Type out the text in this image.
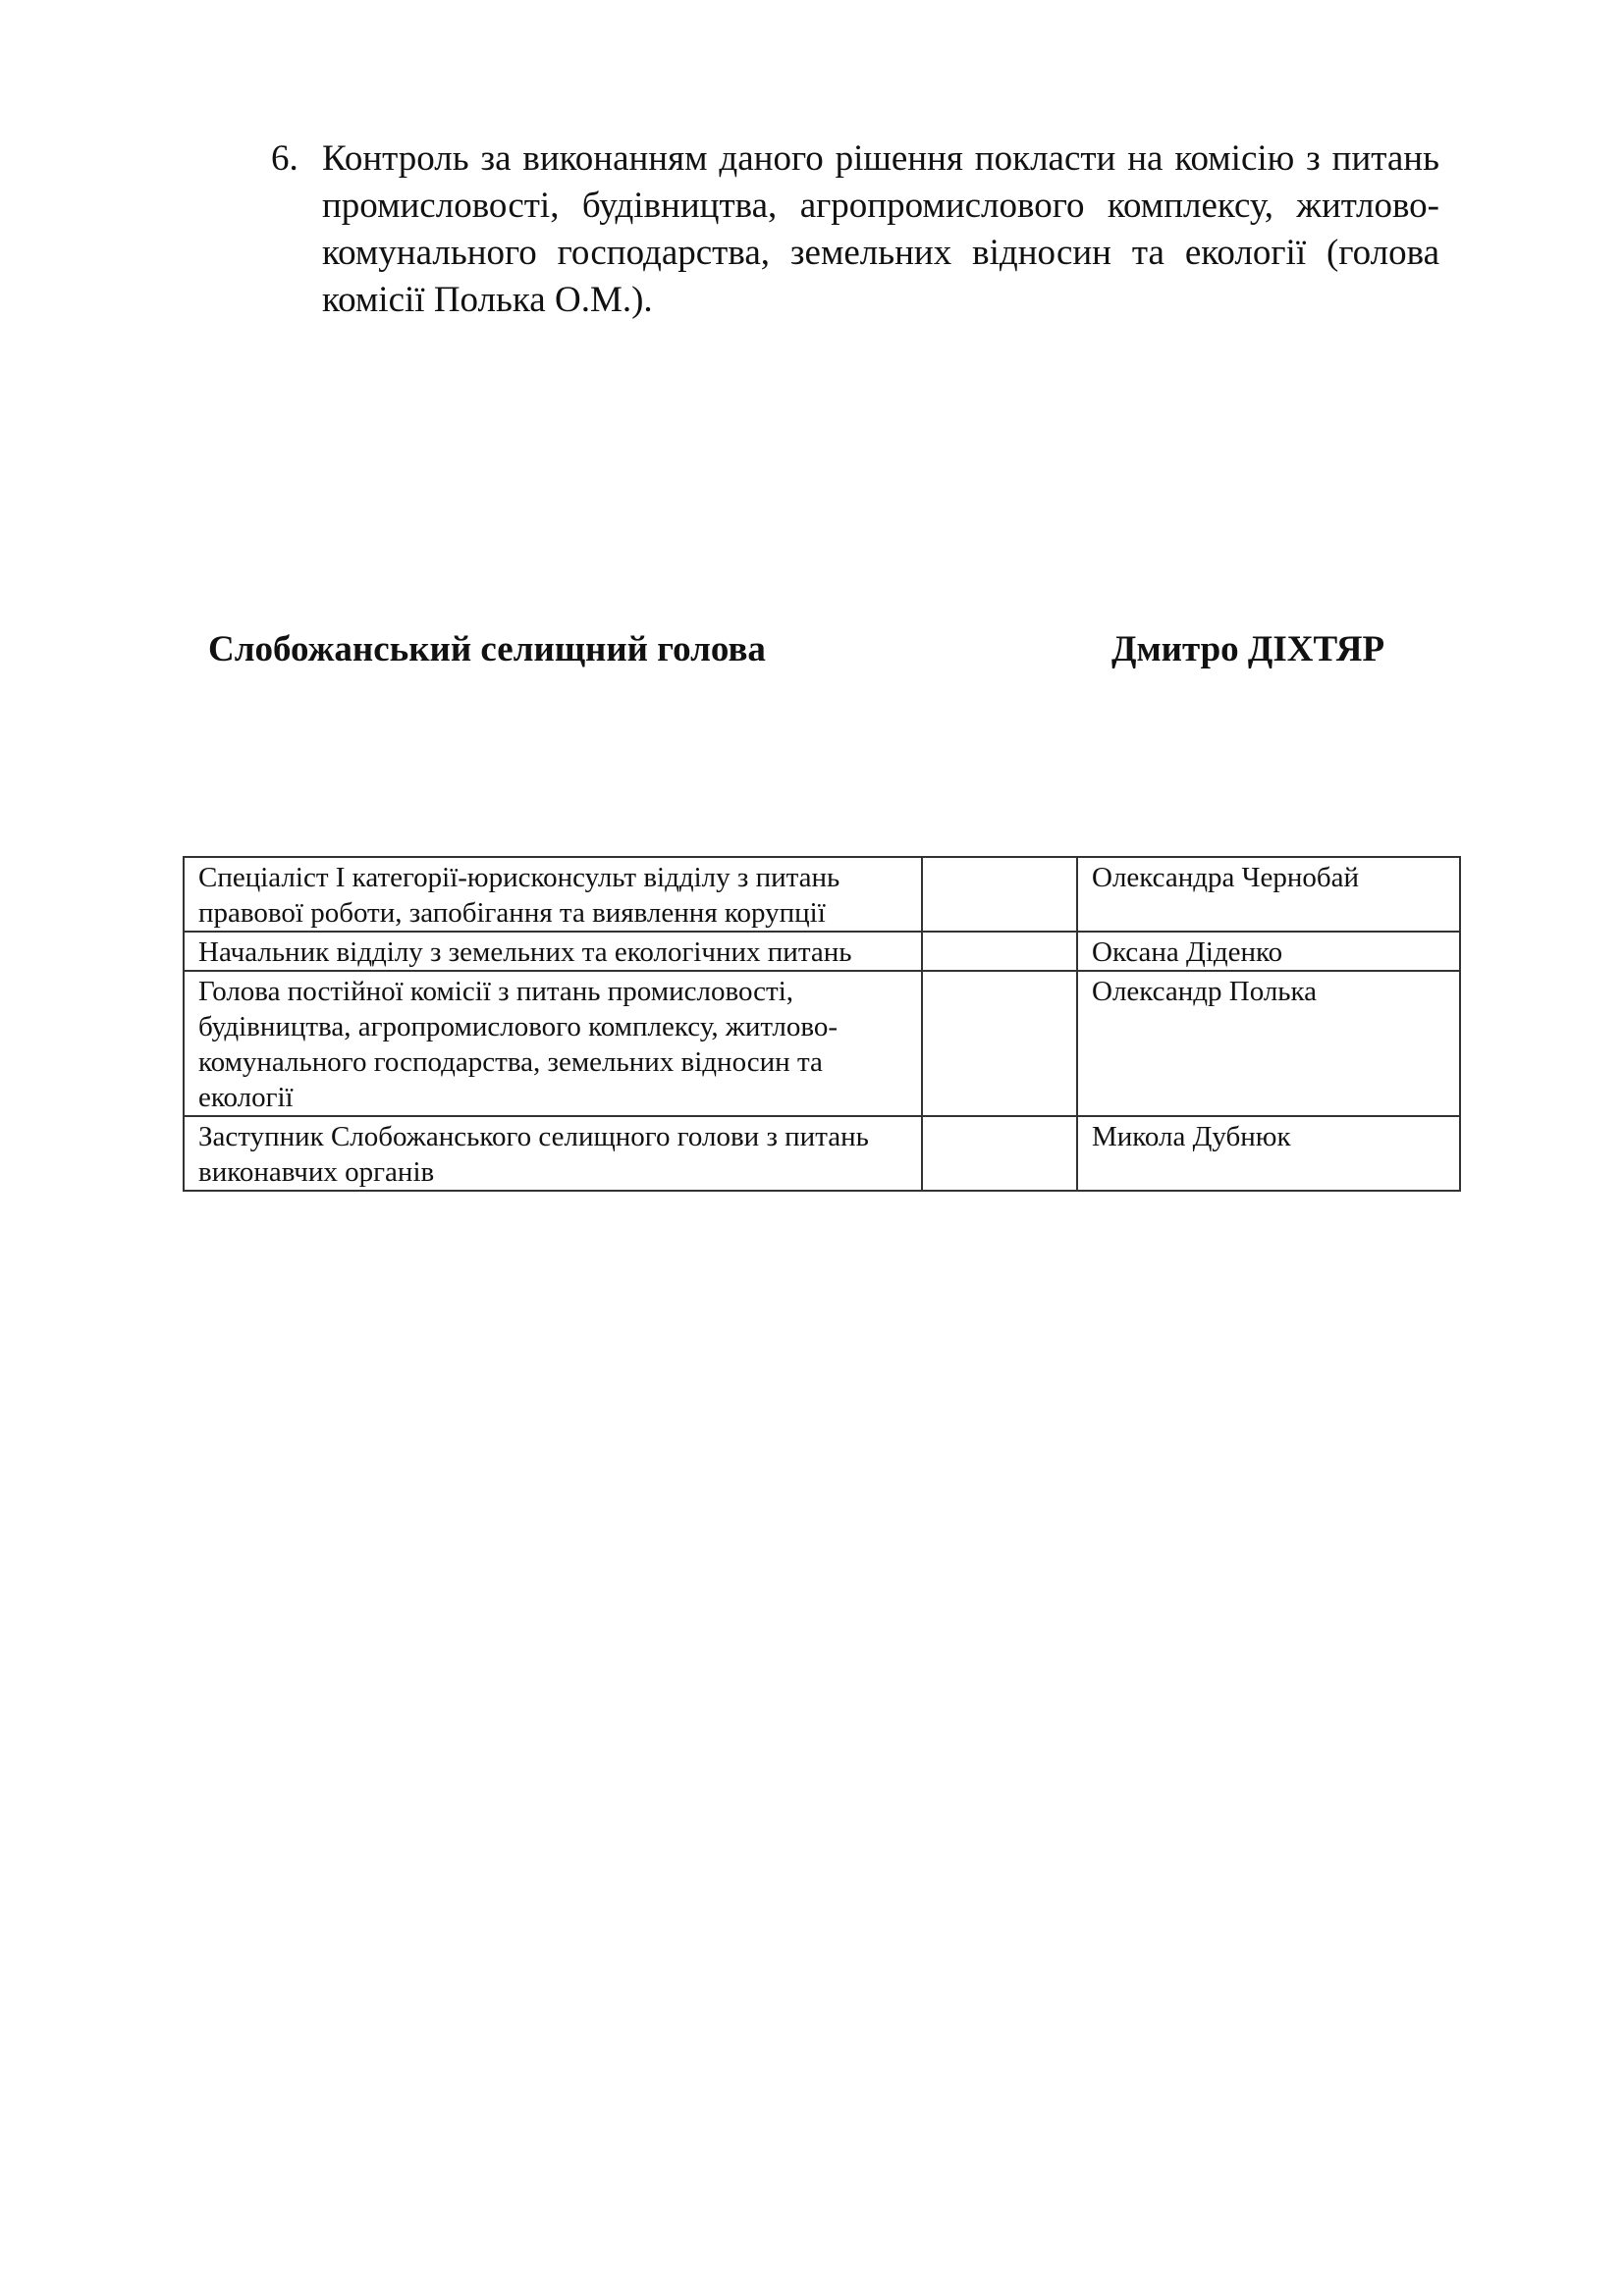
6. Контроль за виконанням даного рішення покласти на комісію з питань промисловості, будівництва, агропромислового комплексу, житлово-комунального господарства, земельних відносин та екології (голова комісії Полька О.М.).
Слобожанський селищний голова	Дмитро ДІХТЯР
Спеціаліст І категорії-юрисконсульт відділу з питань правової роботи, запобігання та виявлення корупції		Олександра Чернобай
Начальник відділу з земельних та екологічних питань		Оксана Діденко
Голова постійної комісії з питань промисловості, будівництва, агропромислового комплексу, житлово-комунального господарства, земельних відносин та екології		Олександр Полька
Заступник Слобожанського селищного голови з питань виконавчих органів		Микола Дубнюк
